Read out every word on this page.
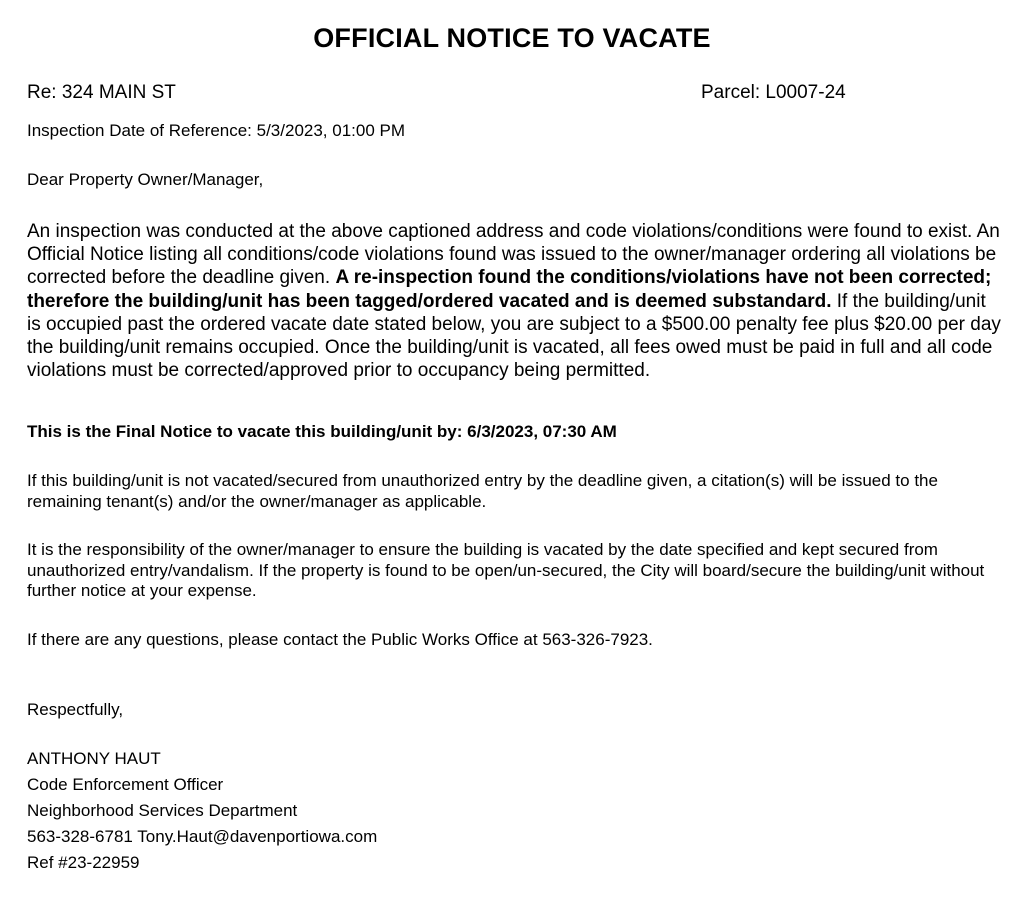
OFFICIAL NOTICE TO VACATE
Re: 324 MAIN ST	Parcel: L0007-24
Inspection Date of Reference: 5/3/2023, 01:00 PM
Dear Property Owner/Manager,
An inspection was conducted at the above captioned address and code violations/conditions were found to exist. An Official Notice listing all conditions/code violations found was issued to the owner/manager ordering all violations be corrected before the deadline given. A re-inspection found the conditions/violations have not been corrected; therefore the building/unit has been tagged/ordered vacated and is deemed substandard. If the building/unit is occupied past the ordered vacate date stated below, you are subject to a $500.00 penalty fee plus $20.00 per day the building/unit remains occupied. Once the building/unit is vacated, all fees owed must be paid in full and all code violations must be corrected/approved prior to occupancy being permitted.
This is the Final Notice to vacate this building/unit by: 6/3/2023, 07:30 AM
If this building/unit is not vacated/secured from unauthorized entry by the deadline given, a citation(s) will be issued to the remaining tenant(s) and/or the owner/manager as applicable.
It is the responsibility of the owner/manager to ensure the building is vacated by the date specified and kept secured from unauthorized entry/vandalism. If the property is found to be open/un-secured, the City will board/secure the building/unit without further notice at your expense.
If there are any questions, please contact the Public Works Office at 563-326-7923.
Respectfully,
ANTHONY HAUT
Code Enforcement Officer
Neighborhood Services Department
563-328-6781 Tony.Haut@davenportiowa.com
Ref #23-22959
